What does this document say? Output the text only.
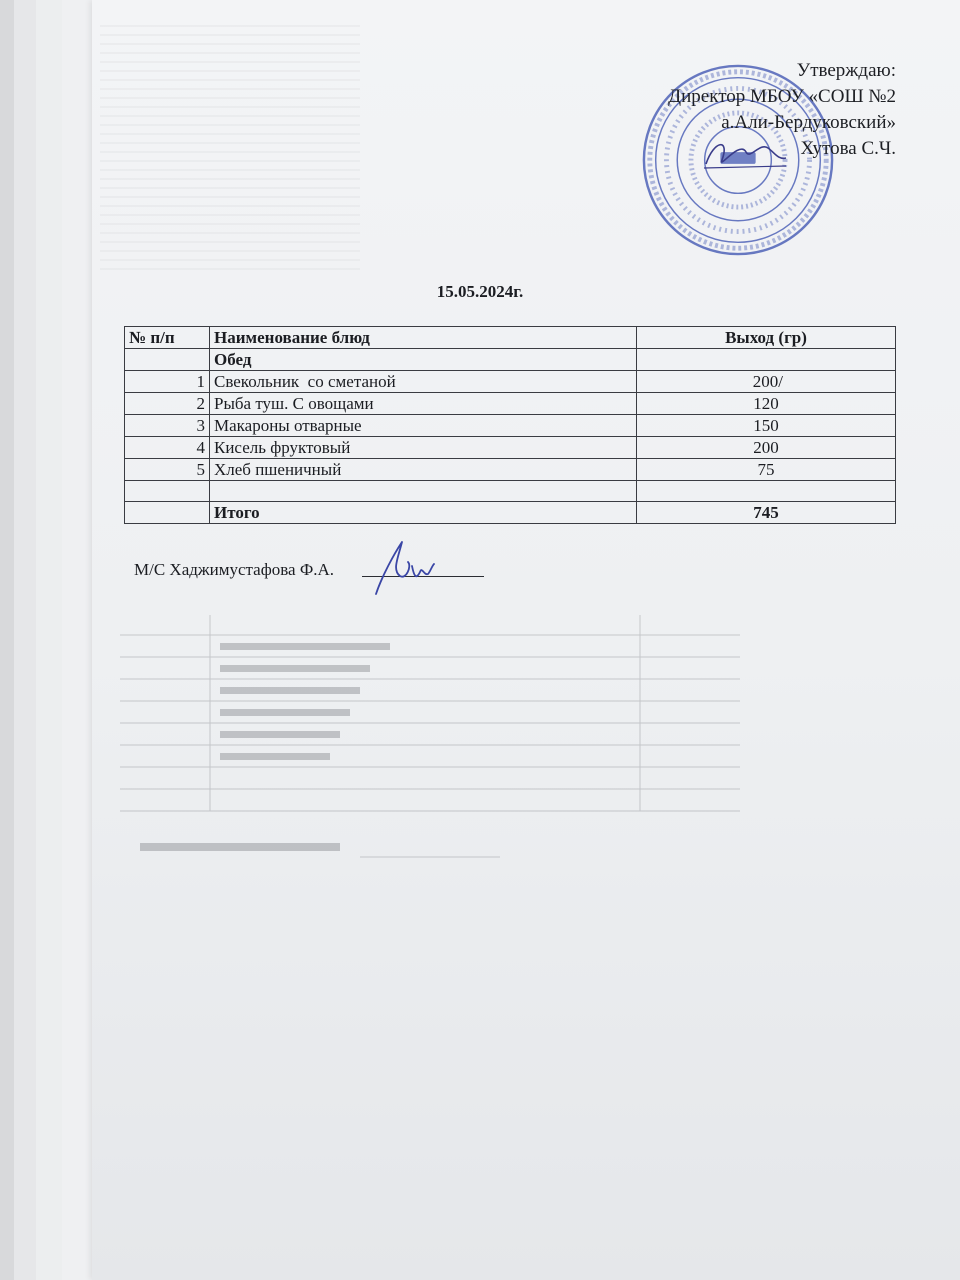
Утверждаю:
Директор МБОУ «СОШ №2
а.Али-Бердуковский»
Хутова С.Ч.
15.05.2024г.
№ п/п	Наименование блюд	Выход (гр)
	Обед	
1	Свекольник  со сметаной	200/
2	Рыба туш. С овощами	120
3	Макароны отварные	150
4	Кисель фруктовый	200
5	Хлеб пшеничный	75

	Итого	745
М/С Хаджимустафова Ф.А.
